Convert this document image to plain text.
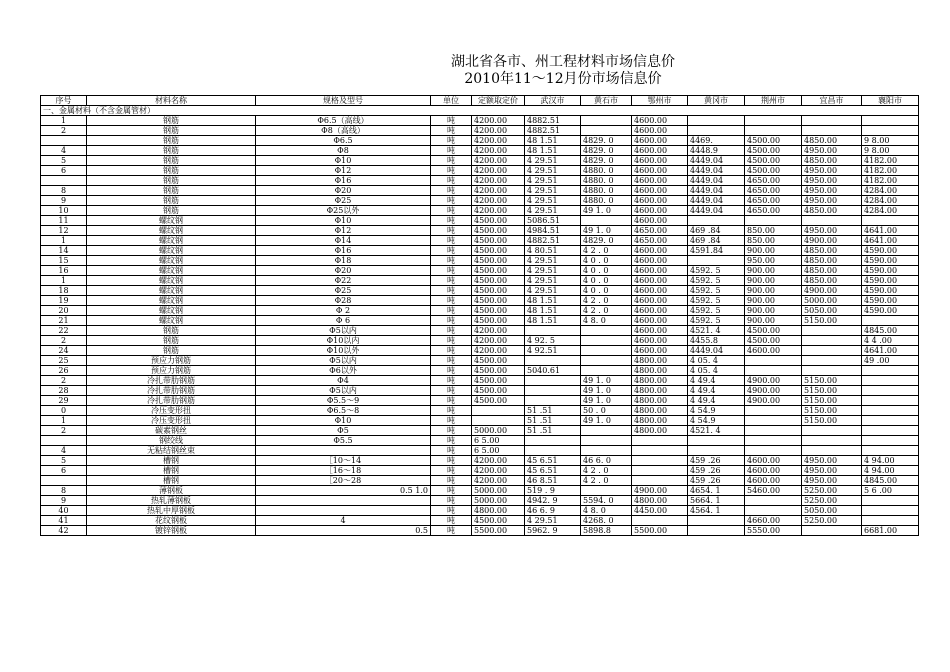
湖北省各市、州工程材料市场信息价
2010年11～12月份市场信息价
序号	材料名称	规格及型号	单位	定额取定价	武汉市	黄石市	鄂州市	黄冈市	荆州市	宜昌市	襄阳市
一、金属材料（不含金属管材）											
1	钢筋	Φ6.5（高线）	吨	4200.00	4882.51		4600.00				
2	钢筋	Φ8（高线）	吨	4200.00	4882.51		4600.00				
	钢筋	Φ6.5	吨	4200.00	48 1.51	4829. 0	4600.00	4469.	4500.00	4850.00	9 8.00
4	钢筋	Φ8	吨	4200.00	48 1.51	4829. 0	4600.00	4448.9	4500.00	4950.00	9 8.00
5	钢筋	Φ10	吨	4200.00	4 29.51	4829. 0	4600.00	4449.04	4500.00	4850.00	4182.00
6	钢筋	Φ12	吨	4200.00	4 29.51	4880. 0	4600.00	4449.04	4500.00	4950.00	4182.00
	钢筋	Φ16	吨	4200.00	4 29.51	4880. 0	4600.00	4449.04	4650.00	4950.00	4182.00
8	钢筋	Φ20	吨	4200.00	4 29.51	4880. 0	4600.00	4449.04	4650.00	4950.00	4284.00
9	钢筋	Φ25	吨	4200.00	4 29.51	4880. 0	4600.00	4449.04	4650.00	4950.00	4284.00
10	钢筋	Φ25以外	吨	4200.00	4 29.51	49 1. 0	4600.00	4449.04	4650.00	4850.00	4284.00
11	螺纹钢	Φ10	吨	4500.00	5086.51		4600.00				
12	螺纹钢	Φ12	吨	4500.00	4984.51	49 1. 0	4650.00	469 .84	850.00	4950.00	4641.00
1	螺纹钢	Φ14	吨	4500.00	4882.51	4829. 0	4650.00	469 .84	850.00	4900.00	4641.00
14	螺纹钢	Φ16	吨	4500.00	4 80.51	4 2 . 0	4600.00	4591.84	900.00	4850.00	4590.00
15	螺纹钢	Φ18	吨	4500.00	4 29.51	4 0 . 0	4600.00		950.00	4850.00	4590.00
16	螺纹钢	Φ20	吨	4500.00	4 29.51	4 0 . 0	4600.00	4592. 5	900.00	4850.00	4590.00
1	螺纹钢	Φ22	吨	4500.00	4 29.51	4 0 . 0	4600.00	4592. 5	900.00	4850.00	4590.00
18	螺纹钢	Φ25	吨	4500.00	4 29.51	4 0 . 0	4600.00	4592. 5	900.00	4900.00	4590.00
19	螺纹钢	Φ28	吨	4500.00	48 1.51	4 2 . 0	4600.00	4592. 5	900.00	5000.00	4590.00
20	螺纹钢	Φ 2	吨	4500.00	48 1.51	4 2 . 0	4600.00	4592. 5	900.00	5050.00	4590.00
21	螺纹钢	Φ 6	吨	4500.00	48 1.51	4 8. 0	4600.00	4592. 5	900.00	5150.00	
22	钢筋	Φ5以内	吨	4200.00			4600.00	4521. 4	4500.00		4845.00
2	钢筋	Φ10以内	吨	4200.00	4 92. 5		4600.00	4455.8	4500.00		4 4 .00
24	钢筋	Φ10以外	吨	4200.00	4 92.51		4600.00	4449.04	4600.00		4641.00
25	预应力钢筋	Φ5以内	吨	4500.00			4800.00	4 05. 4			49 .00
26	预应力钢筋	Φ6以外	吨	4500.00	5040.61		4800.00	4 05. 4			
2	冷扎带肋钢筋	Φ4	吨	4500.00		49 1. 0	4800.00	4 49.4	4900.00	5150.00	
28	冷扎带肋钢筋	Φ5以内	吨	4500.00		49 1. 0	4800.00	4 49.4	4900.00	5150.00	
29	冷扎带肋钢筋	Φ5.5～9	吨	4500.00		49 1. 0	4800.00	4 49.4	4900.00	5150.00	
0	冷压变形扭	Φ6.5～8	吨		51 .51	50 . 0	4800.00	4 54.9		5150.00	
1	冷压变形扭	Φ10	吨		51 .51	49 1. 0	4800.00	4 54.9		5150.00	
2	碳素钢丝	Φ5	吨	5000.00	51 .51		4800.00	4521. 4			
	钢绞线	Φ5.5	吨	6 5.00							
4	无粘结钢丝束		吨	6 5.00							
5	槽钢	［10～14	吨	4200.00	45 6.51	46 6. 0		459 .26	4600.00	4950.00	4 94.00
6	槽钢	［16～18	吨	4200.00	45 6.51	4 2 . 0		459 .26	4600.00	4950.00	4 94.00
	槽钢	［20～28	吨	4200.00	46 8.51	4 2 . 0		459 .26	4600.00	4950.00	4845.00
8	薄钢板	0.5 1.0	吨	5000.00	519 . 9		4900.00	4654. 1	5460.00	5250.00	5 6 .00
9	热轧薄钢板		吨	5000.00	4942. 9	5594. 0	4800.00	5664. 1		5250.00	
40	热轧中厚钢板		吨	4800.00	46 6. 9	4 8. 0	4450.00	4564. 1		5050.00	
41	花纹钢板	4	吨	4500.00	4 29.51	4268. 0			4660.00	5250.00	
42	镀锌钢板	0.5	吨	5500.00	5962. 9	5898.8	5500.00		5550.00		6681.00
